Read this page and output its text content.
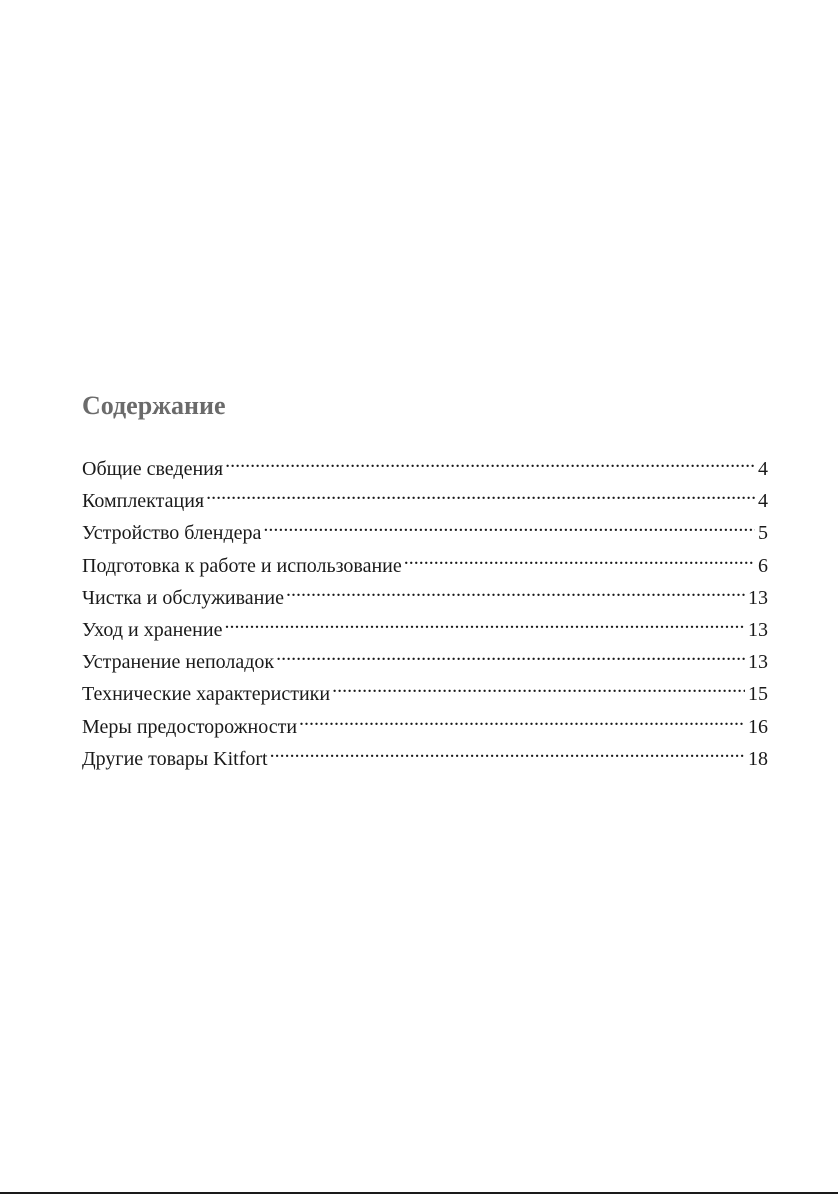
Содержание
Общие сведения .....	4
Комплектация .....	4
Устройство блендера .....	5
Подготовка к работе и использование .....	6
Чистка и обслуживание .....	13
Уход и хранение .....	13
Устранение неполадок .....	13
Технические характеристики .....	15
Меры предосторожности .....	16
Другие товары Kitfort .....	18
